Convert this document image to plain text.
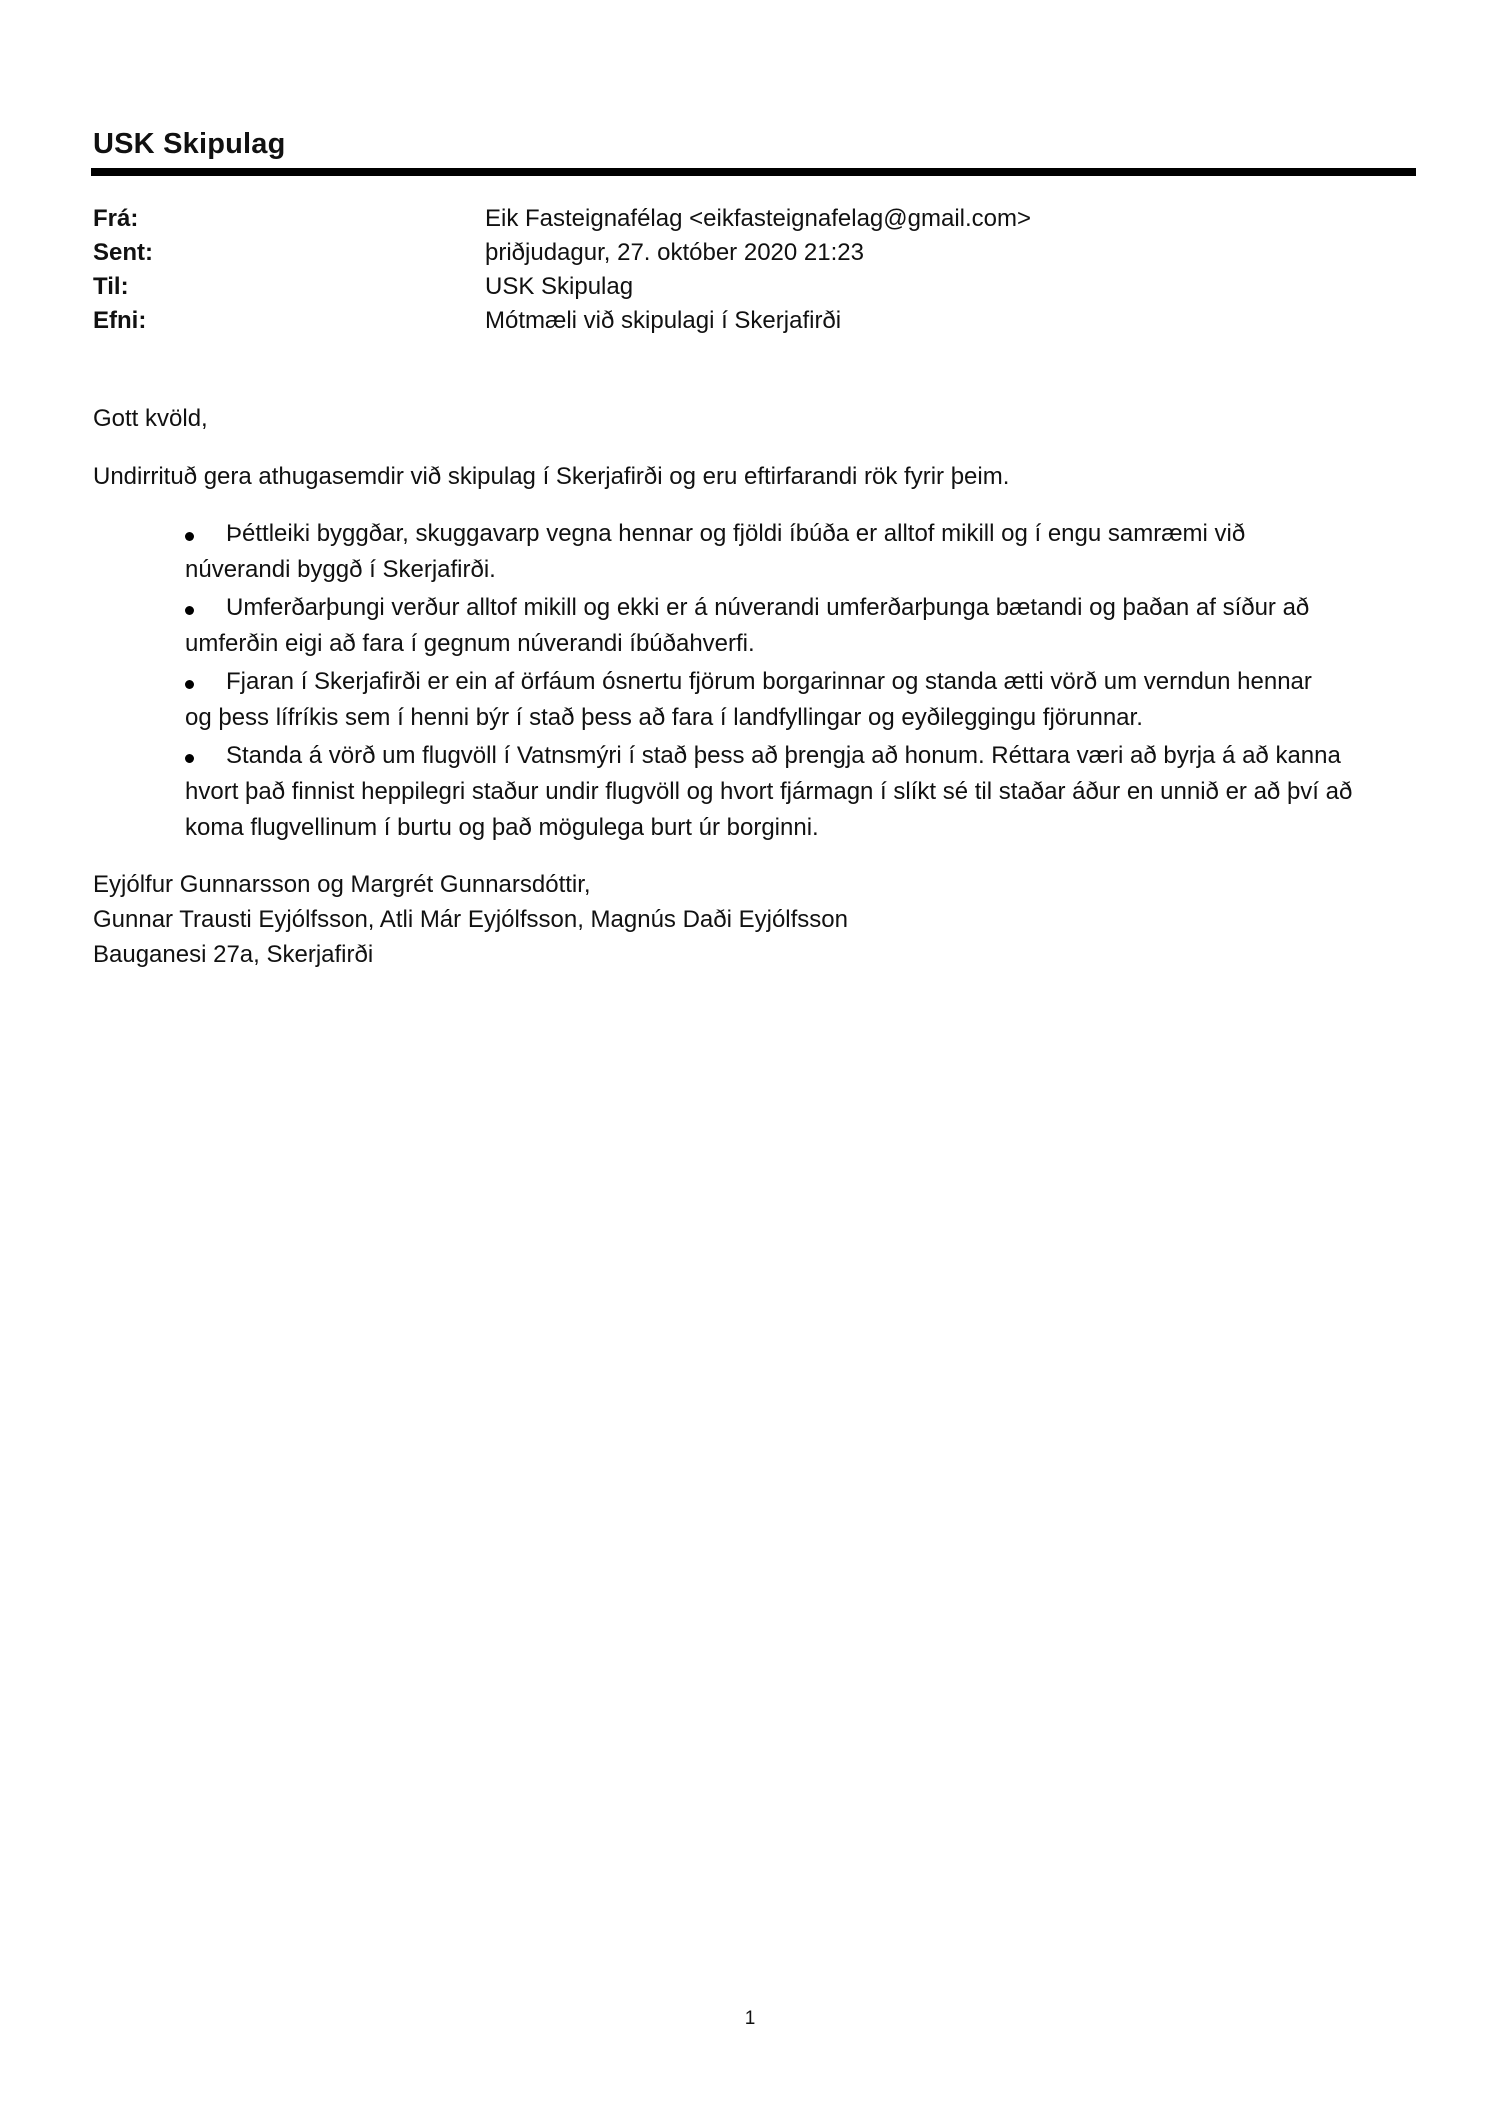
USK Skipulag
Frá:	Eik Fasteignafélag <eikfasteignafelag@gmail.com>
Sent:	þriðjudagur, 27. október 2020 21:23
Til:	USK Skipulag
Efni:	Mótmæli við skipulagi í Skerjafirði
Gott kvöld,
Undirrituð gera athugasemdir við skipulag í Skerjafirði og eru eftirfarandi rök fyrir þeim.
Þéttleiki byggðar, skuggavarp vegna hennar og fjöldi íbúða er alltof mikill og í engu samræmi við
núverandi byggð í Skerjafirði.
Umferðarþungi verður alltof mikill og ekki er á núverandi umferðarþunga bætandi og þaðan af síður að
umferðin eigi að fara í gegnum núverandi íbúðahverfi.
Fjaran í Skerjafirði er ein af örfáum ósnertu fjörum borgarinnar og standa ætti vörð um verndun hennar
og þess lífríkis sem í henni býr í stað þess að fara í landfyllingar og eyðileggingu fjörunnar.
Standa á vörð um flugvöll í Vatnsmýri í stað þess að þrengja að honum. Réttara væri að byrja á að kanna
hvort það finnist heppilegri staður undir flugvöll og hvort fjármagn í slíkt sé til staðar áður en unnið er að því að koma flugvellinum í burtu og það mögulega burt úr borginni.
Eyjólfur Gunnarsson og Margrét Gunnarsdóttir,
Gunnar Trausti Eyjólfsson, Atli Már Eyjólfsson, Magnús Daði Eyjólfsson
Bauganesi 27a, Skerjafirði
1
